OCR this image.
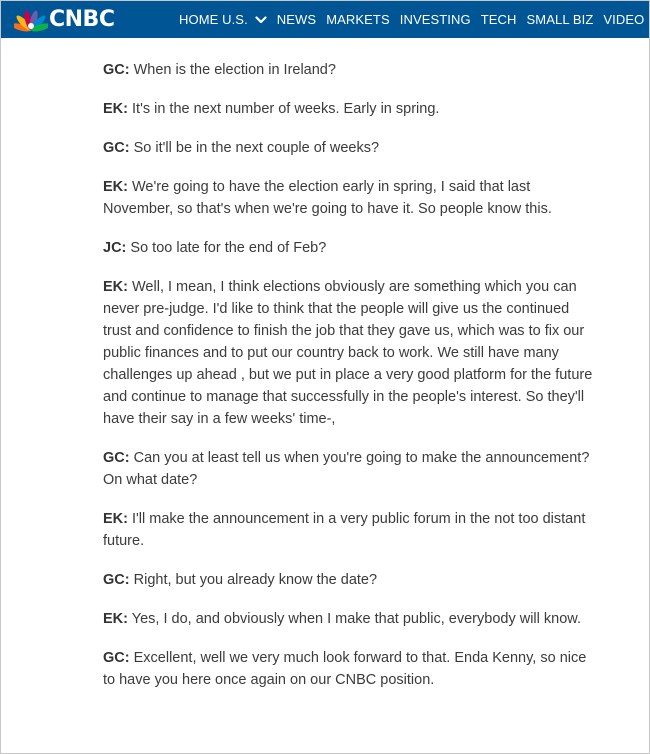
CNBC	HOME U.S. NEWS MARKETS INVESTING TECH SMALL BIZ VIDEO

GC: When is the election in Ireland?

EK: It's in the next number of weeks. Early in spring.

GC: So it'll be in the next couple of weeks?

EK: We're going to have the election early in spring, I said that last November, so that's when we're going to have it. So people know this.

JC: So too late for the end of Feb?

EK: Well, I mean, I think elections obviously are something which you can never pre-judge. I'd like to think that the people will give us the continued trust and confidence to finish the job that they gave us, which was to fix our public finances and to put our country back to work. We still have many challenges up ahead , but we put in place a very good platform for the future and continue to manage that successfully in the people's interest. So they'll have their say in a few weeks' time-,

GC: Can you at least tell us when you're going to make the announcement? On what date?

EK: I'll make the announcement in a very public forum in the not too distant future.

GC: Right, but you already know the date?

EK: Yes, I do, and obviously when I make that public, everybody will know.

GC: Excellent, well we very much look forward to that. Enda Kenny, so nice to have you here once again on our CNBC position.
